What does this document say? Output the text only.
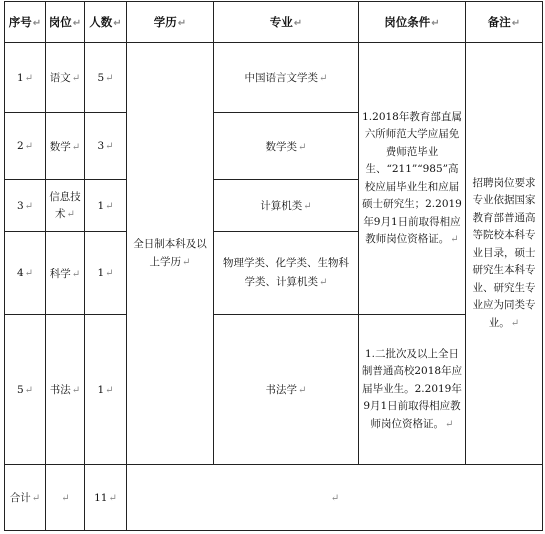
序号↵	岗位↵	人数↵	学历↵	专业↵	岗位条件↵	备注↵
1↵	语文↵	5↵	全日制本科及以上学历↵	中国语言文学类↵	1.2018年教育部直属六所师范大学应届免费师范毕业生、“211”“985”高校应届毕业生和应届硕士研究生；2.2019年9月1日前取得相应教师岗位资格证。↵	招聘岗位要求专业依据国家教育部普通高等院校本科专业目录，硕士研究生本科专业、研究生专业应为同类专业。↵
2↵	数学↵	3↵		数学类↵		
3↵	信息技术↵	1↵		计算机类↵		
4↵	科学↵	1↵		物理学类、化学类、生物科学类、计算机类↵		
5↵	书法↵	1↵		书法学↵	1.二批次及以上全日制普通高校2018年应届毕业生。2.2019年9月1日前取得相应教师岗位资格证。↵	
合计↵	↵	11↵	↵			
